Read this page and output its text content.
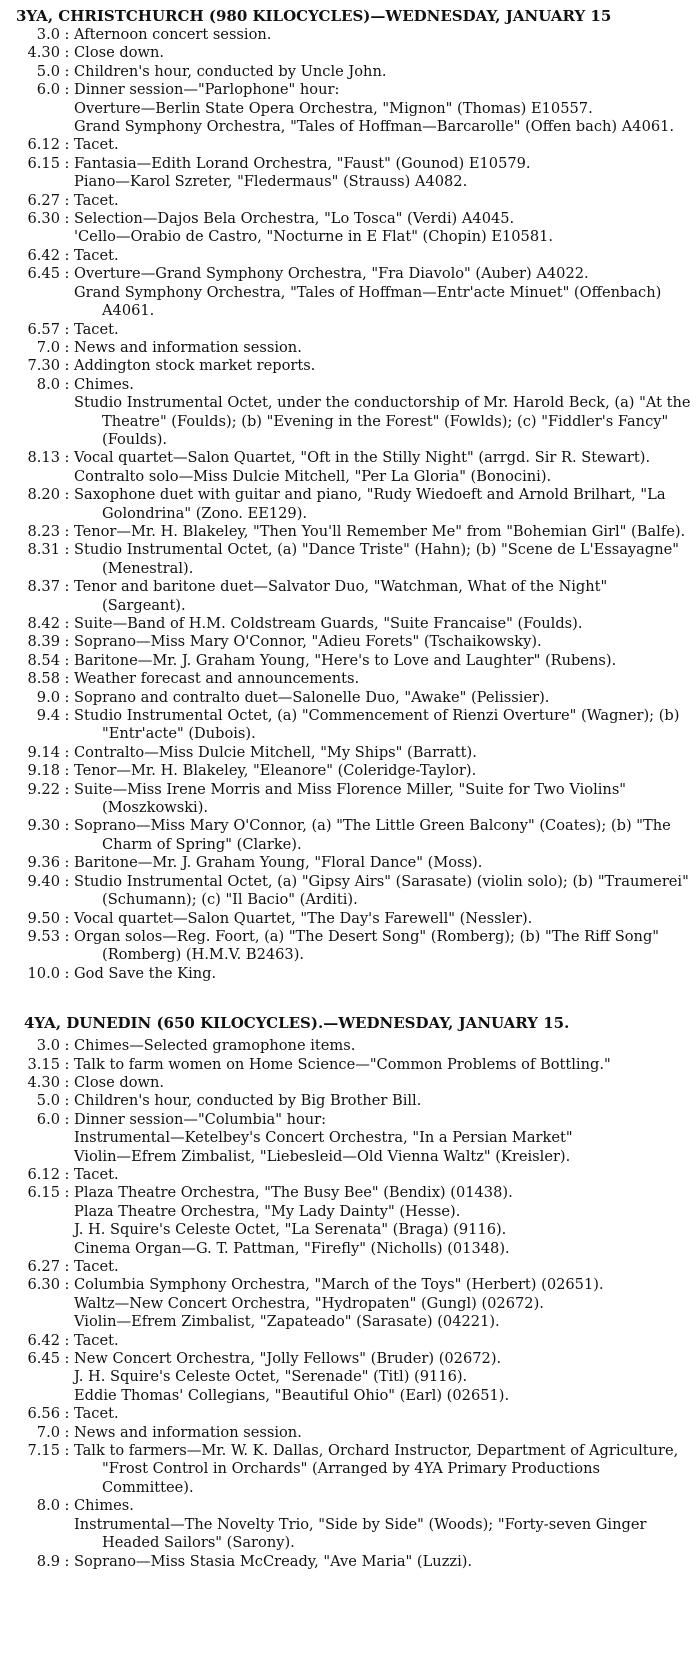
3YA, CHRISTCHURCH (980 KILOCYCLES)—WEDNESDAY, JANUARY 15
3.0 : Afternoon concert session.
4.30 : Close down.
5.0 : Children's hour, conducted by Uncle John.
6.0 : Dinner session—"Parlophone" hour:
Overture—Berlin State Opera Orchestra, "Mignon" (Thomas) E10557.
Grand Symphony Orchestra, "Tales of Hoffman—Barcarolle" (Offen bach) A4061.
6.12 : Tacet.
6.15 : Fantasia—Edith Lorand Orchestra, "Faust" (Gounod) E10579.
Piano—Karol Szreter, "Fledermaus" (Strauss) A4082.
6.27 : Tacet.
6.30 : Selection—Dajos Bela Orchestra, "Lo Tosca" (Verdi) A4045.
'Cello—Orabio de Castro, "Nocturne in E Flat" (Chopin) E10581.
6.42 : Tacet.
6.45 : Overture—Grand Symphony Orchestra, "Fra Diavolo" (Auber) A4022.
Grand Symphony Orchestra, "Tales of Hoffman—Entr'acte Minuet" (Offenbach) A4061.
6.57 : Tacet.
7.0 : News and information session.
7.30 : Addington stock market reports.
8.0 : Chimes.
Studio Instrumental Octet, under the conductorship of Mr. Harold Beck, (a) "At the Theatre" (Foulds); (b) "Evening in the Forest" (Fowlds); (c) "Fiddler's Fancy" (Foulds).
8.13 : Vocal quartet—Salon Quartet, "Oft in the Stilly Night" (arrgd. Sir R. Stewart).
Contralto solo—Miss Dulcie Mitchell, "Per La Gloria" (Bonocini).
8.20 : Saxophone duet with guitar and piano, "Rudy Wiedoeft and Arnold Brilhart, "La Golondrina" (Zono. EE129).
8.23 : Tenor—Mr. H. Blakeley, "Then You'll Remember Me" from "Bohemian Girl" (Balfe).
8.31 : Studio Instrumental Octet, (a) "Dance Triste" (Hahn); (b) "Scene de L'Essayagne" (Menestral).
8.37 : Tenor and baritone duet—Salvator Duo, "Watchman, What of the Night" (Sargeant).
8.42 : Suite—Band of H.M. Coldstream Guards, "Suite Francaise" (Foulds).
8.39 : Soprano—Miss Mary O'Connor, "Adieu Forets" (Tschaikowsky).
8.54 : Baritone—Mr. J. Graham Young, "Here's to Love and Laughter" (Rubens).
8.58 : Weather forecast and announcements.
9.0 : Soprano and contralto duet—Salonelle Duo, "Awake" (Pelissier).
9.4 : Studio Instrumental Octet, (a) "Commencement of Rienzi Overture" (Wagner); (b) "Entr'acte" (Dubois).
9.14 : Contralto—Miss Dulcie Mitchell, "My Ships" (Barratt).
9.18 : Tenor—Mr. H. Blakeley, "Eleanore" (Coleridge-Taylor).
9.22 : Suite—Miss Irene Morris and Miss Florence Miller, "Suite for Two Violins" (Moszkowski).
9.30 : Soprano—Miss Mary O'Connor, (a) "The Little Green Balcony" (Coates); (b) "The Charm of Spring" (Clarke).
9.36 : Baritone—Mr. J. Graham Young, "Floral Dance" (Moss).
9.40 : Studio Instrumental Octet, (a) "Gipsy Airs" (Sarasate) (violin solo); (b) "Traumerei" (Schumann); (c) "Il Bacio" (Arditi).
9.50 : Vocal quartet—Salon Quartet, "The Day's Farewell" (Nessler).
9.53 : Organ solos—Reg. Foort, (a) "The Desert Song" (Romberg); (b) "The Riff Song" (Romberg) (H.M.V. B2463).
10.0 : God Save the King.
4YA, DUNEDIN (650 KILOCYCLES).—WEDNESDAY, JANUARY 15.
3.0 : Chimes—Selected gramophone items.
3.15 : Talk to farm women on Home Science—"Common Problems of Bottling."
4.30 : Close down.
5.0 : Children's hour, conducted by Big Brother Bill.
6.0 : Dinner session—"Columbia" hour:
Instrumental—Ketelbey's Concert Orchestra, "In a Persian Market"
Violin—Efrem Zimbalist, "Liebesleid—Old Vienna Waltz" (Kreisler).
6.12 : Tacet.
6.15 : Plaza Theatre Orchestra, "The Busy Bee" (Bendix) (01438).
Plaza Theatre Orchestra, "My Lady Dainty" (Hesse).
J. H. Squire's Celeste Octet, "La Serenata" (Braga) (9116).
Cinema Organ—G. T. Pattman, "Firefly" (Nicholls) (01348).
6.27 : Tacet.
6.30 : Columbia Symphony Orchestra, "March of the Toys" (Herbert) (02651).
Waltz—New Concert Orchestra, "Hydropaten" (Gungl) (02672).
Violin—Efrem Zimbalist, "Zapateado" (Sarasate) (04221).
6.42 : Tacet.
6.45 : New Concert Orchestra, "Jolly Fellows" (Bruder) (02672).
J. H. Squire's Celeste Octet, "Serenade" (Titl) (9116).
Eddie Thomas' Collegians, "Beautiful Ohio" (Earl) (02651).
6.56 : Tacet.
7.0 : News and information session.
7.15 : Talk to farmers—Mr. W. K. Dallas, Orchard Instructor, Department of Agriculture, "Frost Control in Orchards" (Arranged by 4YA Primary Productions Committee).
8.0 : Chimes.
Instrumental—The Novelty Trio, "Side by Side" (Woods); "Forty-seven Ginger Headed Sailors" (Sarony).
8.9 : Soprano—Miss Stasia McCready, "Ave Maria" (Luzzi).
